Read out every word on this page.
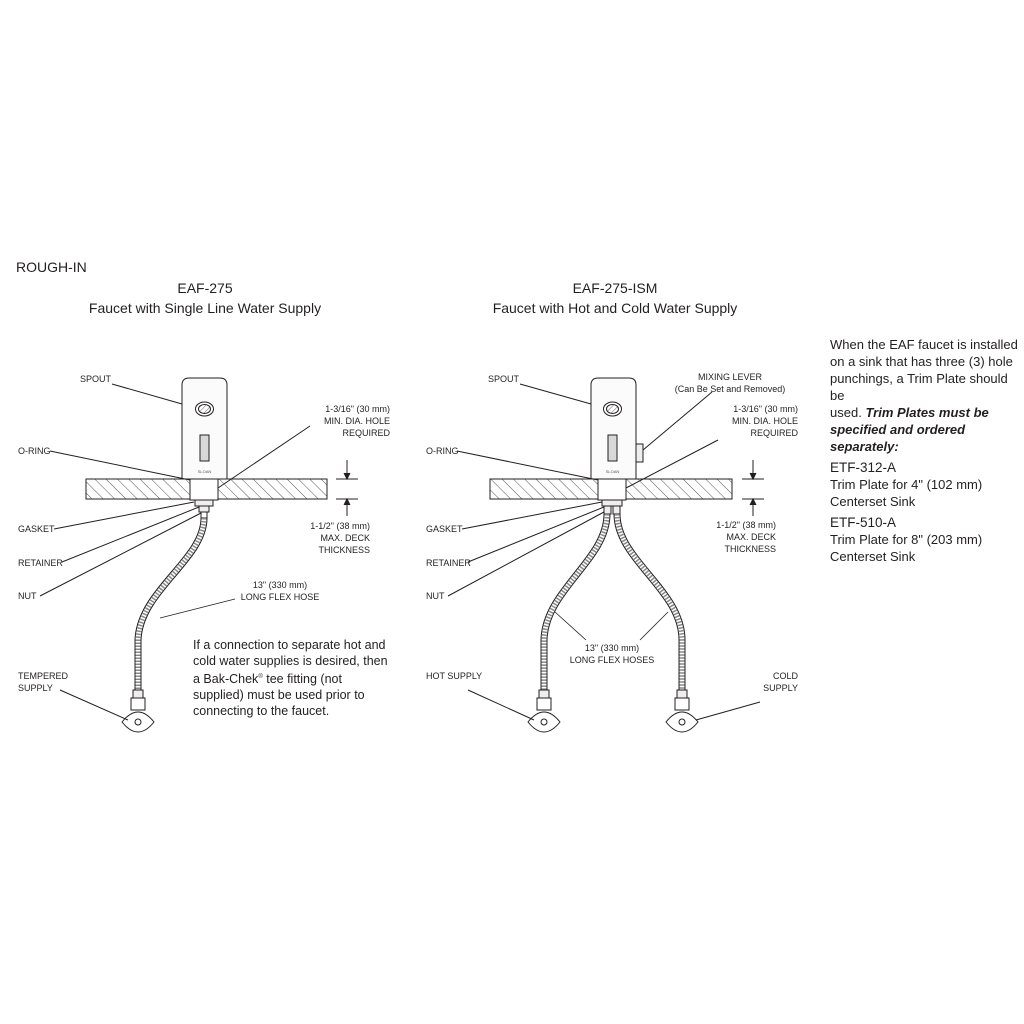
ROUGH-IN
EAF-275
Faucet with Single Line Water Supply
EAF-275-ISM
Faucet with Hot and Cold Water Supply
SLOAN	SLOAN
SPOUT
O-RING
GASKET
RETAINER
NUT
TEMPERED
SUPPLY
1-3/16" (30 mm)
MIN. DIA. HOLE
REQUIRED
1-1/2" (38 mm)
MAX. DECK
THICKNESS
13" (330 mm)
LONG FLEX HOSE
If a connection to separate hot and
cold water supplies is desired, then
a Bak-Chek® tee fitting (not
supplied) must be used prior to
connecting to the faucet.
SPOUT	MIXING LEVER
(Can Be Set and Removed)
O-RING
GASKET
RETAINER
NUT
HOT SUPPLY	COLD
SUPPLY
1-3/16" (30 mm)
MIN. DIA. HOLE
REQUIRED
1-1/2" (38 mm)
MAX. DECK
THICKNESS
13" (330 mm)
LONG FLEX HOSES

When the EAF faucet is installed

on a sink that has three (3) hole

punchings, a Trim Plate should be

used. Trim Plates must be

specified and ordered separately:

ETF-312-A

Trim Plate for 4" (102 mm)

Centerset Sink

ETF-510-A

Trim Plate for 8" (203 mm)

Centerset Sink
